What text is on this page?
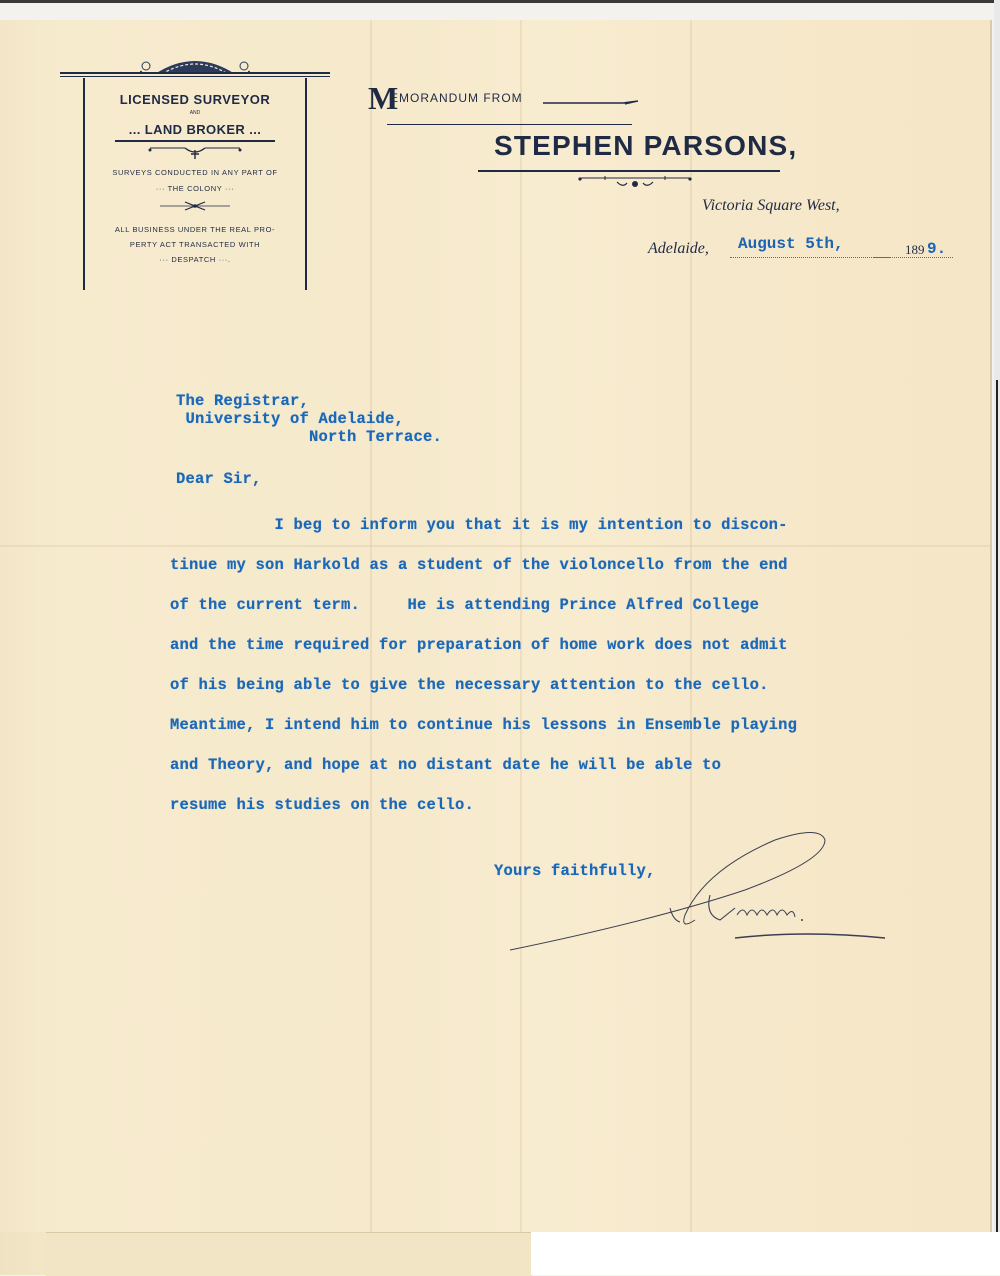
LICENSED SURVEYOR
AND
... LAND BROKER ...
SURVEYS CONDUCTED IN ANY PART OF
··· THE COLONY ···
ALL BUSINESS UNDER THE REAL PRO-
PERTY ACT TRANSACTED WITH
··· DESPATCH ···.
M
EMORANDUM FROM
STEPHEN PARSONS,
Victoria Square West,
Adelaide, August 5th,	189 9.
The Registrar,
University of Adelaide,
North Terrace.
Dear Sir,
I beg to inform you that it is my intention to discon-
tinue my son Harkold as a student of the violoncello from the end
of the current term.     He is attending Prince Alfred College
and the time required for preparation of home work does not admit
of his being able to give the necessary attention to the cello.
Meantime, I intend him to continue his lessons in Ensemble playing
and Theory, and hope at no distant date he will be able to
resume his studies on the cello.
Yours faithfully,
